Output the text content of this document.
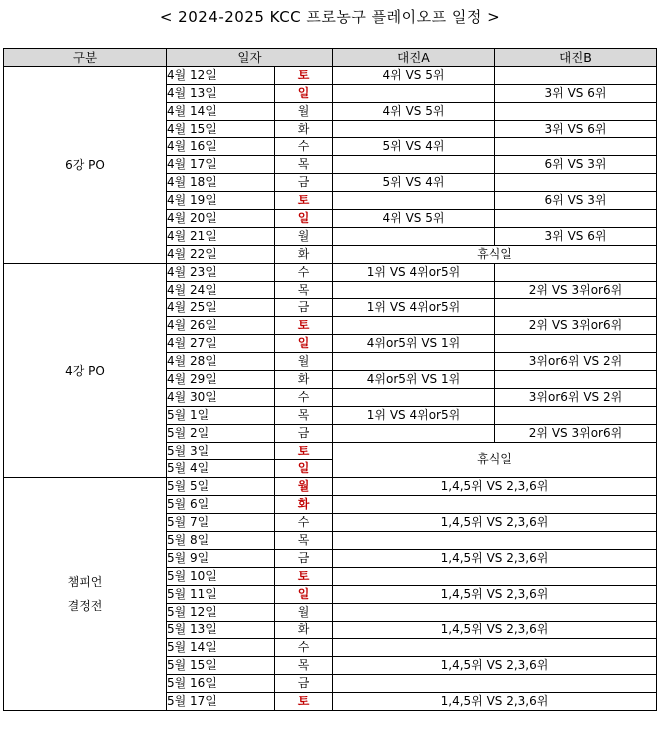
< 2024-2025 KCC 프로농구 플레이오프 일정 >
구분	일자		대진A	대진B

6강 PO	4월 12일	토	4위 VS 5위	
	4월 13일	일		3위 VS 6위
	4월 14일	월	4위 VS 5위	
	4월 15일	화		3위 VS 6위
	4월 16일	수	5위 VS 4위	
	4월 17일	목		6위 VS 3위
	4월 18일	금	5위 VS 4위	
	4월 19일	토		6위 VS 3위
	4월 20일	일	4위 VS 5위	
	4월 21일	월		3위 VS 6위
	4월 22일	화	휴식일	

4강 PO	4월 23일	수	1위 VS 4위or5위	
	4월 24일	목		2위 VS 3위or6위
	4월 25일	금	1위 VS 4위or5위	
	4월 26일	토		2위 VS 3위or6위
	4월 27일	일	4위or5위 VS 1위	
	4월 28일	월		3위or6위 VS 2위
	4월 29일	화	4위or5위 VS 1위	
	4월 30일	수		3위or6위 VS 2위
	5월 1일	목	1위 VS 4위or5위	
	5월 2일	금		2위 VS 3위or6위
	5월 3일	토	휴식일	
	5월 4일	일		

챔피언
결정전	5월 5일	월	1,4,5위 VS 2,3,6위	
	5월 6일	화		
	5월 7일	수	1,4,5위 VS 2,3,6위	
	5월 8일	목		
	5월 9일	금	1,4,5위 VS 2,3,6위	
	5월 10일	토		
	5월 11일	일	1,4,5위 VS 2,3,6위	
	5월 12일	월		
	5월 13일	화	1,4,5위 VS 2,3,6위	
	5월 14일	수		
	5월 15일	목	1,4,5위 VS 2,3,6위	
	5월 16일	금		
	5월 17일	토	1,4,5위 VS 2,3,6위	
